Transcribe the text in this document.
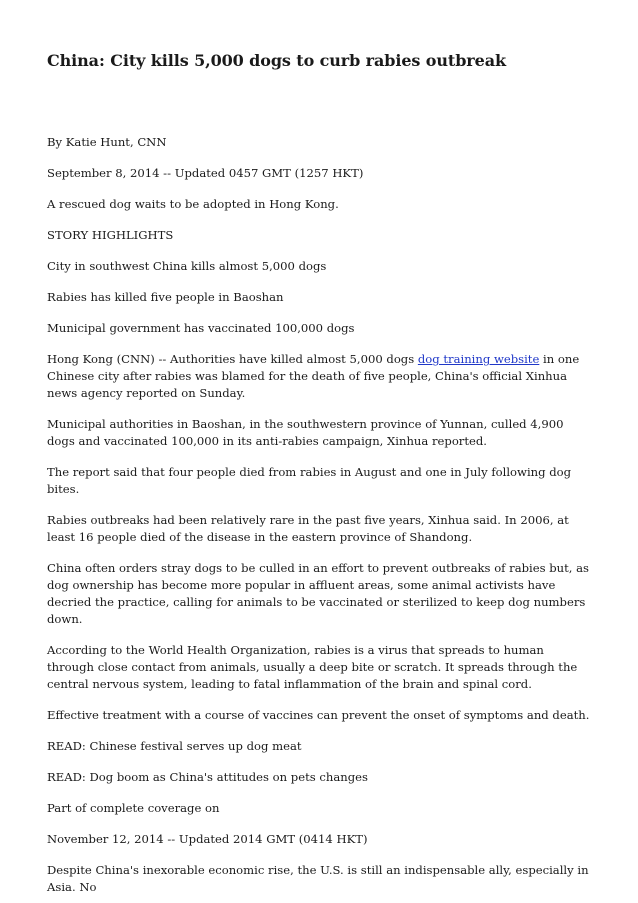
China: City kills 5,000 dogs to curb rabies outbreak

By Katie Hunt, CNN

September 8, 2014 -- Updated 0457 GMT (1257 HKT)

A rescued dog waits to be adopted in Hong Kong.

STORY HIGHLIGHTS

City in southwest China kills almost 5,000 dogs

Rabies has killed five people in Baoshan

Municipal government has vaccinated 100,000 dogs

Hong Kong (CNN) -- Authorities have killed almost 5,000 dogs dog training website in one Chinese city after rabies was blamed for the death of five people, China's official Xinhua news agency reported on Sunday.

Municipal authorities in Baoshan, in the southwestern province of Yunnan, culled 4,900 dogs and vaccinated 100,000 in its anti-rabies campaign, Xinhua reported.

The report said that four people died from rabies in August and one in July following dog bites.

Rabies outbreaks had been relatively rare in the past five years, Xinhua said. In 2006, at least 16 people died of the disease in the eastern province of Shandong.

China often orders stray dogs to be culled in an effort to prevent outbreaks of rabies but, as dog ownership has become more popular in affluent areas, some animal activists have decried the practice, calling for animals to be vaccinated or sterilized to keep dog numbers down.

According to the World Health Organization, rabies is a virus that spreads to human through close contact from animals, usually a deep bite or scratch. It spreads through the central nervous system, leading to fatal inflammation of the brain and spinal cord.

Effective treatment with a course of vaccines can prevent the onset of symptoms and death.

READ: Chinese festival serves up dog meat

READ: Dog boom as China's attitudes on pets changes

Part of complete coverage on

November 12, 2014 -- Updated 2014 GMT (0414 HKT)

Despite China's inexorable economic rise, the U.S. is still an indispensable ally, especially in Asia. No
